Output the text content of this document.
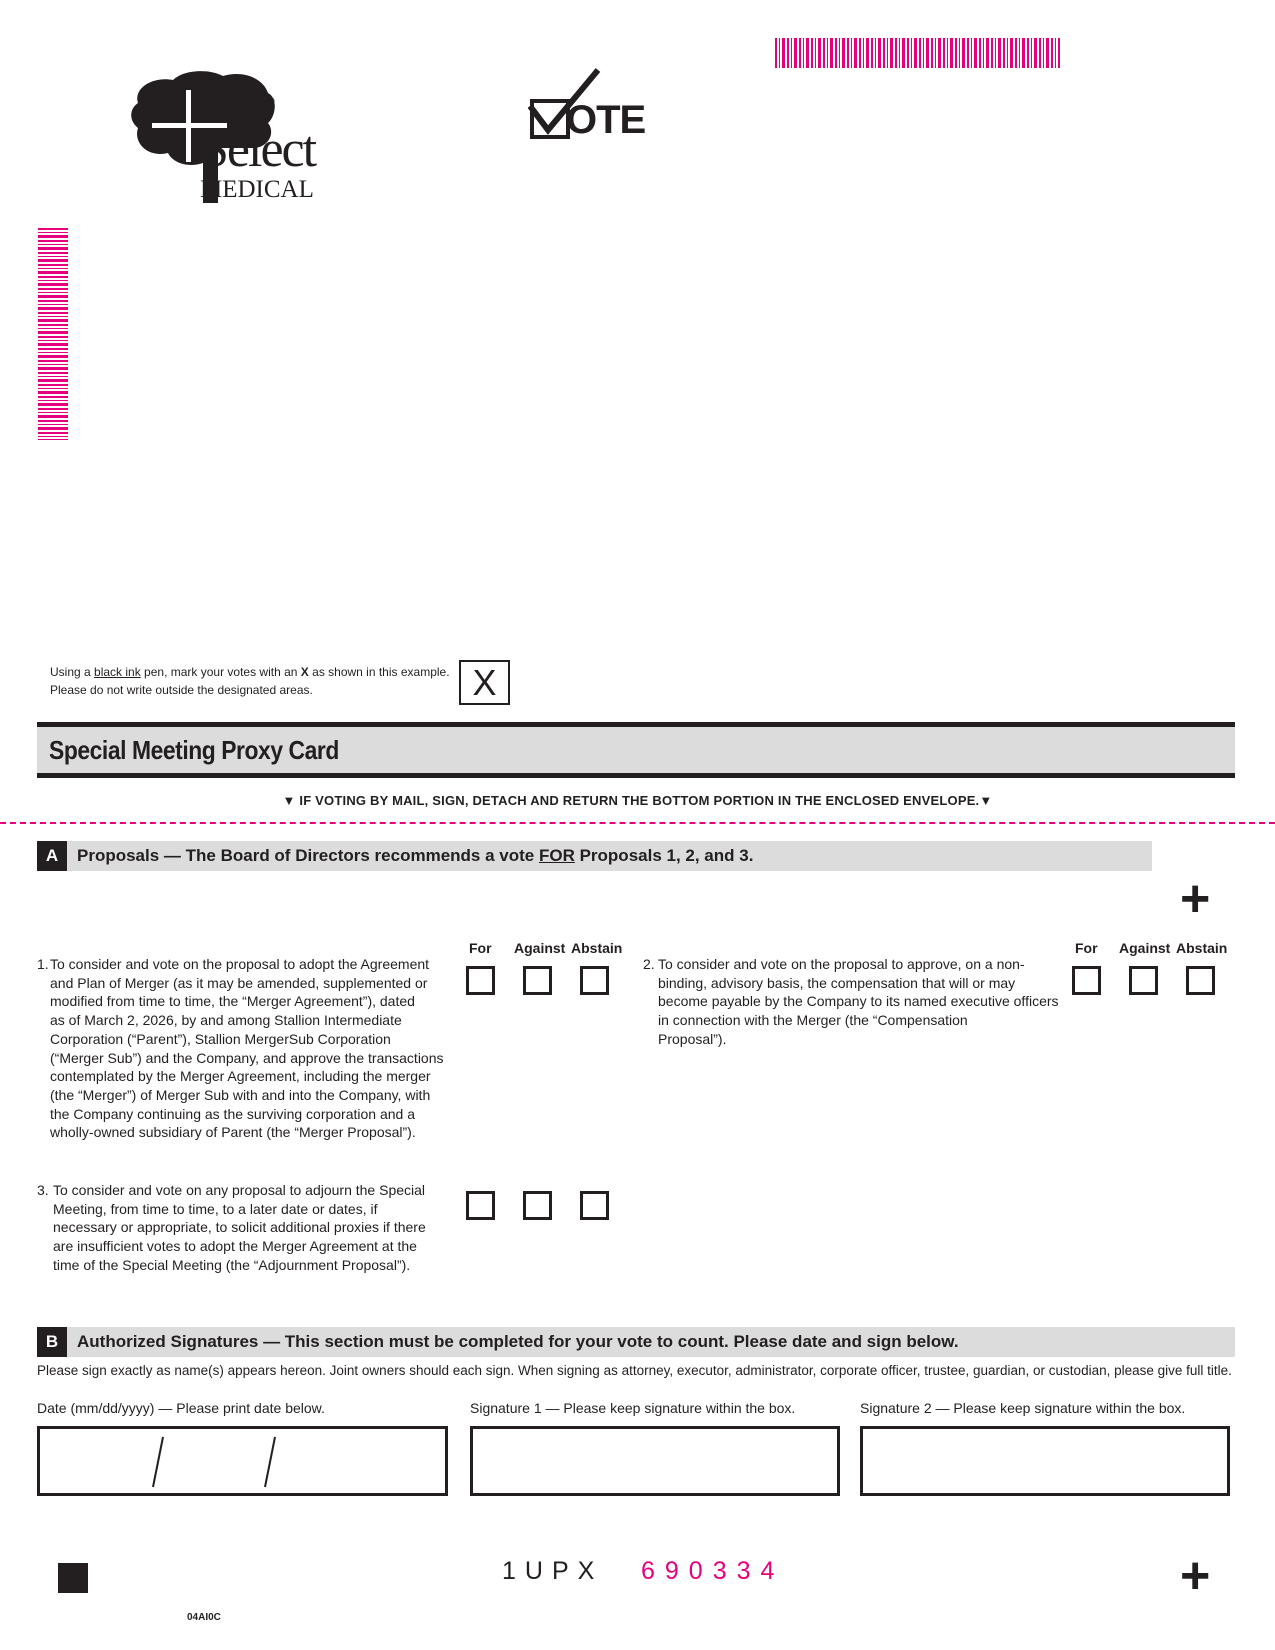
Select
MEDICAL
®	OTE
Using a black ink pen, mark your votes with an X as shown in this example.
Please do not write outside the designated areas.	X
Special Meeting Proxy Card
▼ IF VOTING BY MAIL, SIGN, DETACH AND RETURN THE BOTTOM PORTION IN THE ENCLOSED ENVELOPE.▼
A	Proposals — The Board of Directors recommends a vote FOR Proposals 1, 2, and 3.
+
For Against Abstain	For Against Abstain
1. To consider and vote on the proposal to adopt the Agreement
and Plan of Merger (as it may be amended, supplemented or
modified from time to time, the “Merger Agreement”), dated
as of March 2, 2026, by and among Stallion Intermediate
Corporation (“Parent”), Stallion MergerSub Corporation
(“Merger Sub”) and the Company, and approve the transactions
contemplated by the Merger Agreement, including the merger
(the “Merger”) of Merger Sub with and into the Company, with
the Company continuing as the surviving corporation and a
wholly-owned subsidiary of Parent (the “Merger Proposal”).
2. To consider and vote on the proposal to approve, on a non-
binding, advisory basis, the compensation that will or may
become payable by the Company to its named executive officers
in connection with the Merger (the “Compensation
Proposal”).
3. To consider and vote on any proposal to adjourn the Special
Meeting, from time to time, to a later date or dates, if
necessary or appropriate, to solicit additional proxies if there
are insufficient votes to adopt the Merger Agreement at the
time of the Special Meeting (the “Adjournment Proposal”).
B	Authorized Signatures — This section must be completed for your vote to count. Please date and sign below.
Please sign exactly as name(s) appears hereon. Joint owners should each sign. When signing as attorney, executor, administrator, corporate officer, trustee, guardian, or custodian, please give full title.
Date (mm/dd/yyyy) — Please print date below.	Signature 1 — Please keep signature within the box.	Signature 2 — Please keep signature within the box.
1UPX 690334	+
04AI0C
